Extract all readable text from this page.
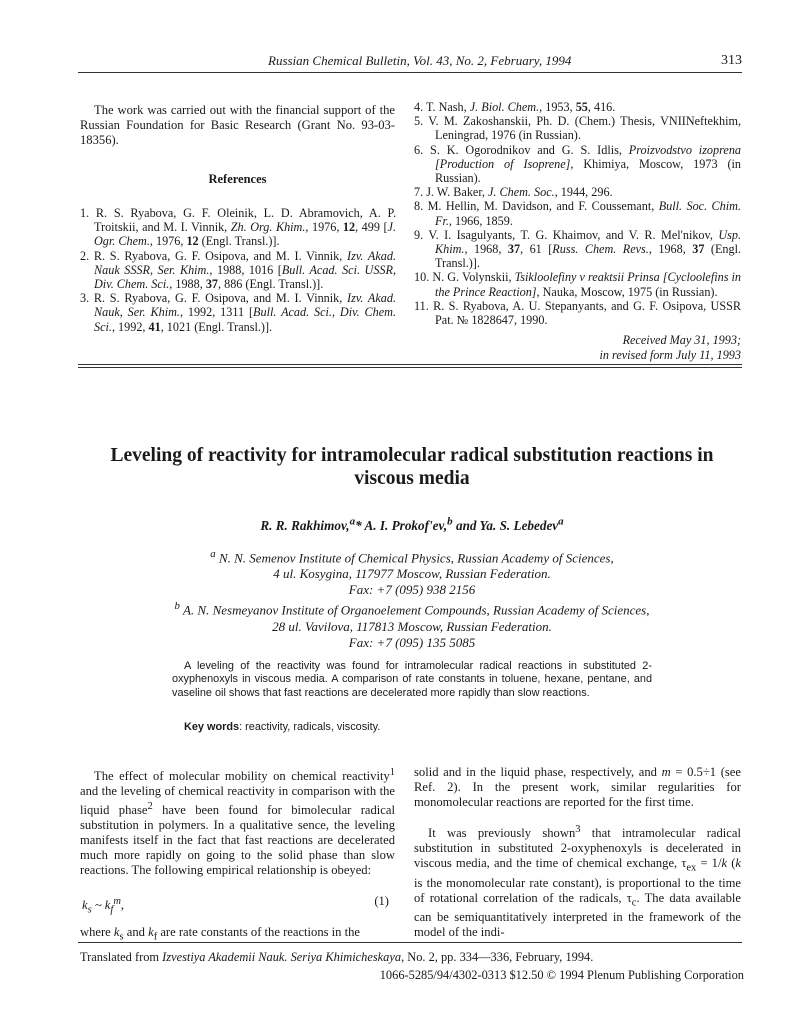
Russian Chemical Bulletin, Vol. 43, No. 2, February, 1994	313

The work was carried out with the financial support of the Russian Foundation for Basic Research (Grant No. 93-03-18356).

References

1. R. S. Ryabova, G. F. Oleinik, L. D. Abramovich, A. P. Troitskii, and M. I. Vinnik, Zh. Org. Khim., 1976, 12, 499 [J. Ogr. Chem., 1976, 12 (Engl. Transl.)].

2. R. S. Ryabova, G. F. Osipova, and M. I. Vinnik, Izv. Akad. Nauk SSSR, Ser. Khim., 1988, 1016 [Bull. Acad. Sci. USSR, Div. Chem. Sci., 1988, 37, 886 (Engl. Transl.)].

3. R. S. Ryabova, G. F. Osipova, and M. I. Vinnik, Izv. Akad. Nauk, Ser. Khim., 1992, 1311 [Bull. Acad. Sci., Div. Chem. Sci., 1992, 41, 1021 (Engl. Transl.)].

4. T. Nash, J. Biol. Chem., 1953, 55, 416.

5. V. M. Zakoshanskii, Ph. D. (Chem.) Thesis, VNIINeftekhim, Leningrad, 1976 (in Russian).

6. S. K. Ogorodnikov and G. S. Idlis, Proizvodstvo izoprena [Production of Isoprene], Khimiya, Moscow, 1973 (in Russian).

7. J. W. Baker, J. Chem. Soc., 1944, 296.

8. M. Hellin, M. Davidson, and F. Coussemant, Bull. Soc. Chim. Fr., 1966, 1859.

9. V. I. Isagulyants, T. G. Khaimov, and V. R. Mel'nikov, Usp. Khim., 1968, 37, 61 [Russ. Chem. Revs., 1968, 37 (Engl. Transl.)].

10. N. G. Volynskii, Tsikloolefiny v reaktsii Prinsa [Cycloolefins in the Prince Reaction], Nauka, Moscow, 1975 (in Russian).

11. R. S. Ryabova, A. U. Stepanyants, and G. F. Osipova, USSR Pat. № 1828647, 1990.

Received May 31, 1993;
in revised form July 11, 1993
Leveling of reactivity for intramolecular radical substitution reactions in viscous media
R. R. Rakhimov,$^a$* A. I. Prokof'ev,$^b$ and Ya. S. Lebedev$^a$
$^a$ N. N. Semenov Institute of Chemical Physics, Russian Academy of Sciences,
4 ul. Kosygina, 117977 Moscow, Russian Federation.
Fax: +7 (095) 938 2156
$^b$ A. N. Nesmeyanov Institute of Organoelement Compounds, Russian Academy of Sciences,
28 ul. Vavilova, 117813 Moscow, Russian Federation.
Fax: +7 (095) 135 5085

A leveling of the reactivity was found for intramolecular radical reactions in substituted 2-oxyphenoxyls in viscous media. A comparison of rate constants in toluene, hexane, pentane, and vaseline oil shows that fast reactions are decelerated more rapidly than slow reactions.

Key words: reactivity, radicals, viscosity.

The effect of molecular mobility on chemical reactivity$^1$ and the leveling of chemical reactivity in comparison with the liquid phase$^2$ have been found for bimolecular radical substitution in polymers. In a qualitative sence, the leveling manifests itself in the fact that fast reactions are decelerated much more rapidly on going to the solid phase than slow reactions. The following empirical relationship is obeyed:

$k_s$ ~ $k_f^m$,	(1)

where $k_s$ and $k_f$ are rate constants of the reactions in the

solid and in the liquid phase, respectively, and m = 0.5÷1 (see Ref. 2). In the present work, similar regularities for monomolecular reactions are reported for the first time.

It was previously shown$^3$ that intramolecular radical substitution in substituted 2-oxyphenoxyls is decelerated in viscous media, and the time of chemical exchange, $\tau_{ex} = 1/k$ (k is the monomolecular rate constant), is proportional to the time of rotational correlation of the radicals, $\tau_c$. The data available can be semiquantitatively interpreted in the framework of the model of the indi-

Translated from Izvestiya Akademii Nauk. Seriya Khimicheskaya, No. 2, pp. 334—336, February, 1994.
1066-5285/94/4302-0313 $12.50 © 1994 Plenum Publishing Corporation
